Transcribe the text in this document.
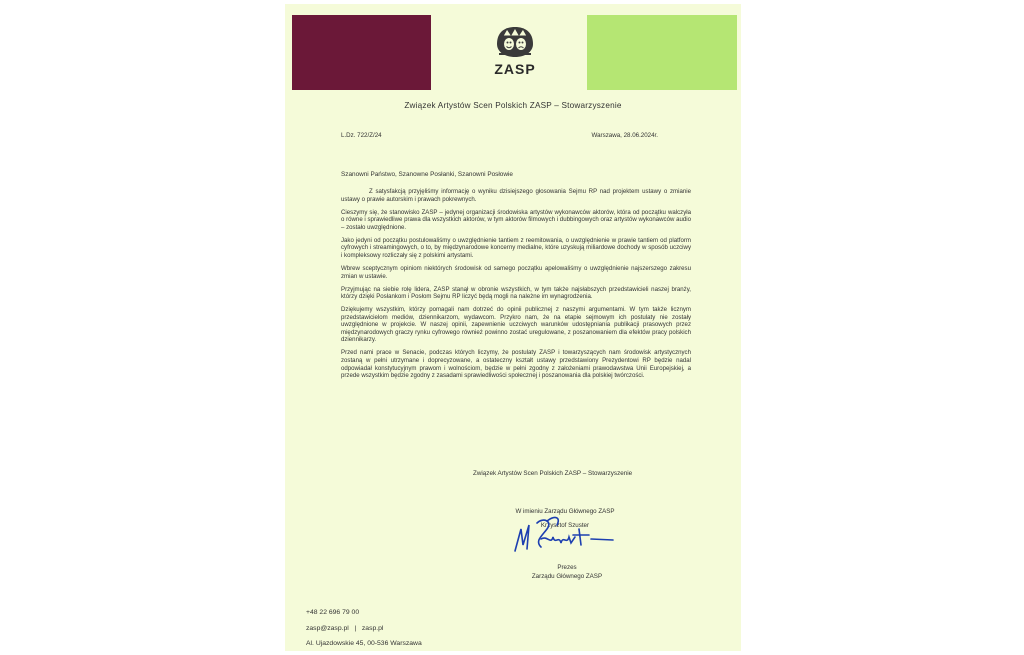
ZASP
Związek Artystów Scen Polskich ZASP – Stowarzyszenie
L.Dz. 722/Z/24	Warszawa, 28.06.2024r.
Szanowni Państwo, Szanowne Posłanki, Szanowni Posłowie

Z satysfakcją przyjęliśmy informację o wyniku dzisiejszego głosowania Sejmu RP nad projektem ustawy o zmianie ustawy o prawie autorskim i prawach pokrewnych.

Cieszymy się, że stanowisko ZASP – jedynej organizacji środowiska artystów wykonawców aktorów, która od początku walczyła o równe i sprawiedliwe prawa dla wszystkich aktorów, w tym aktorów filmowych i dubbingowych oraz artystów wykonawców audio – zostało uwzględnione.

Jako jedyni od początku postulowaliśmy o uwzględnienie tantiem z reemitowania, o uwzględnienie w prawie tantiem od platform cyfrowych i streamingowych, o to, by międzynarodowe koncerny medialne, które uzyskują miliardowe dochody w sposób uczciwy i kompleksowy rozliczały się z polskimi artystami.

Wbrew sceptycznym opiniom niektórych środowisk od samego początku apelowaliśmy o uwzględnienie najszerszego zakresu zmian w ustawie.

Przyjmując na siebie rolę lidera, ZASP stanął w obronie wszystkich, w tym także najsłabszych przedstawicieli naszej branży, którzy dzięki Posłankom i Posłom Sejmu RP liczyć będą mogli na należne im wynagrodzenia.

Dziękujemy wszystkim, którzy pomagali nam dotrzeć do opinii publicznej z naszymi argumentami. W tym także licznym przedstawicielom mediów, dziennikarzom, wydawcom. Przykro nam, że na etapie sejmowym ich postulaty nie zostały uwzględnione w projekcie. W naszej opinii, zapewnienie uczciwych warunków udostępniania publikacji prasowych przez międzynarodowych graczy rynku cyfrowego również powinno zostać uregulowane, z poszanowaniem dla efektów pracy polskich dziennikarzy.

Przed nami prace w Senacie, podczas których liczymy, że postulaty ZASP i towarzyszących nam środowisk artystycznych zostaną w pełni utrzymane i doprecyzowane, a ostateczny kształt ustawy przedstawiony Prezydentowi RP będzie nadal odpowiadał konstytucyjnym prawom i wolnościom, będzie w pełni zgodny z założeniami prawodawstwa Unii Europejskiej, a przede wszystkim będzie zgodny z zasadami sprawiedliwości społecznej i poszanowania dla polskiej twórczości.

Związek Artystów Scen Polskich ZASP – Stowarzyszenie

W imieniu Zarządu Głównego ZASP

Krzysztof Szuster

Prezes
Zarządu Głównego ZASP
+48 22 696 79 00
zasp@zasp.pl | zasp.pl
Al. Ujazdowskie 45, 00-536 Warszawa
